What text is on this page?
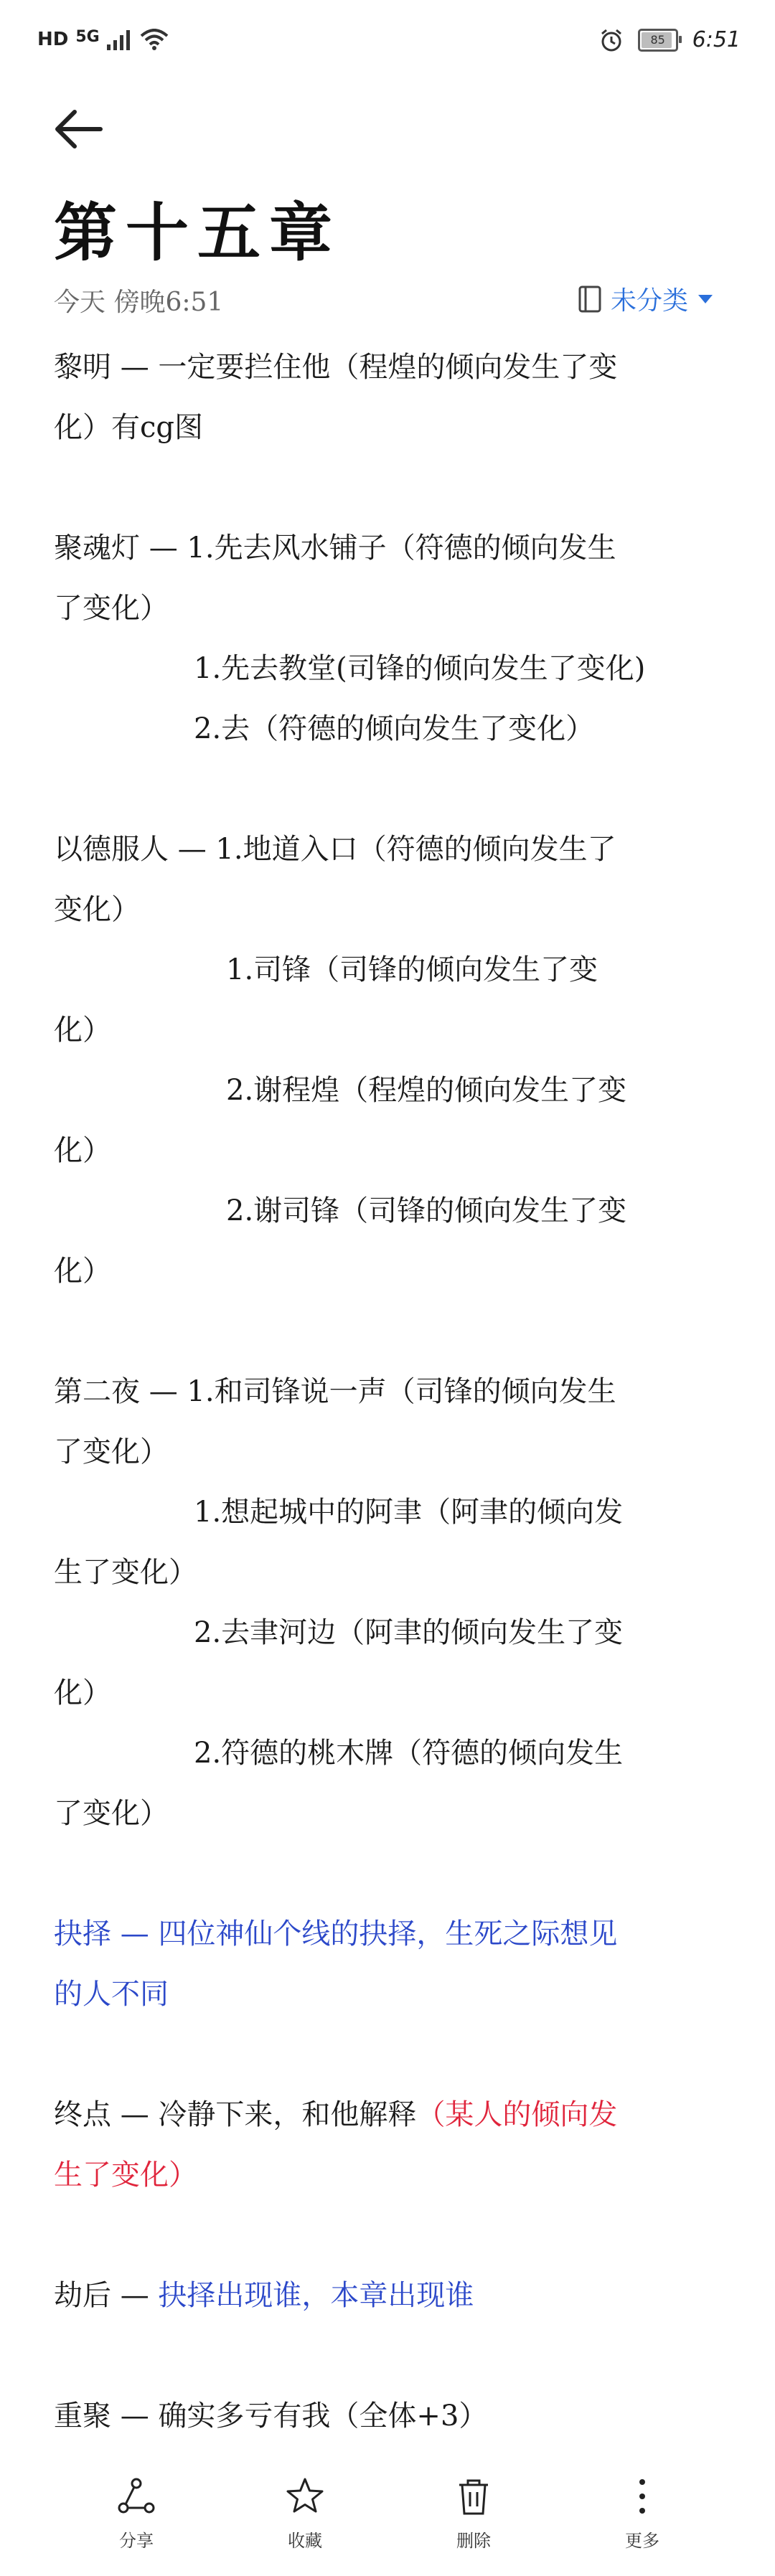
HD 5G	85 6:51
第十五章
今天 傍晚6:51	未分类

黎明 — 一定要拦住他（程煌的倾向发生了变

化）有cg图

聚魂灯 — 1.先去风水铺子（符德的倾向发生

了变化）

1.先去教堂(司锋的倾向发生了变化)

2.去（符德的倾向发生了变化）

以德服人 — 1.地道入口（符德的倾向发生了

变化）

1.司锋（司锋的倾向发生了变

化）

2.谢程煌（程煌的倾向发生了变

化）

2.谢司锋（司锋的倾向发生了变

化）

第二夜 — 1.和司锋说一声（司锋的倾向发生

了变化）

1.想起城中的阿聿（阿聿的倾向发

生了变化）

2.去聿河边（阿聿的倾向发生了变

化）

2.符德的桃木牌（符德的倾向发生

了变化）

抉择 — 四位神仙个线的抉择，生死之际想见

的人不同

终点 — 冷静下来，和他解释（某人的倾向发

生了变化）

劫后 — 抉择出现谁，本章出现谁

重聚 — 确实多亏有我（全体+3）

分享	收藏	删除	更多
